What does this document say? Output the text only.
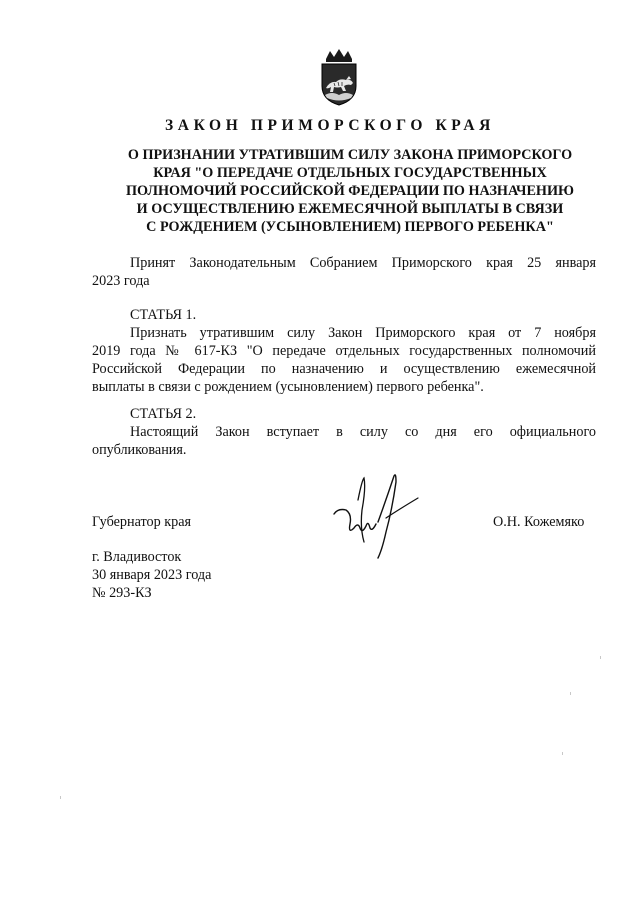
ЗАКОН ПРИМОРСКОГО КРАЯ
О ПРИЗНАНИИ УТРАТИВШИМ СИЛУ ЗАКОНА ПРИМОРСКОГО
КРАЯ "О ПЕРЕДАЧЕ ОТДЕЛЬНЫХ ГОСУДАРСТВЕННЫХ
ПОЛНОМОЧИЙ РОССИЙСКОЙ ФЕДЕРАЦИИ ПО НАЗНАЧЕНИЮ
И ОСУЩЕСТВЛЕНИЮ ЕЖЕМЕСЯЧНОЙ ВЫПЛАТЫ В СВЯЗИ
С РОЖДЕНИЕМ (УСЫНОВЛЕНИЕМ) ПЕРВОГО РЕБЕНКА"
Принят Законодательным Собранием Приморского края 25 января
2023 года
СТАТЬЯ 1.
Признать утратившим силу Закон Приморского края от 7 ноября
2019 года № 617-КЗ "О передаче отдельных государственных полномочий
Российской Федерации по назначению и осуществлению ежемесячной
выплаты в связи с рождением (усыновлением) первого ребенка".
СТАТЬЯ 2.
Настоящий Закон вступает в силу со дня его официального
опубликования.
Губернатор края	О.Н. Кожемяко
г. Владивосток
30 января 2023 года
№ 293-КЗ
